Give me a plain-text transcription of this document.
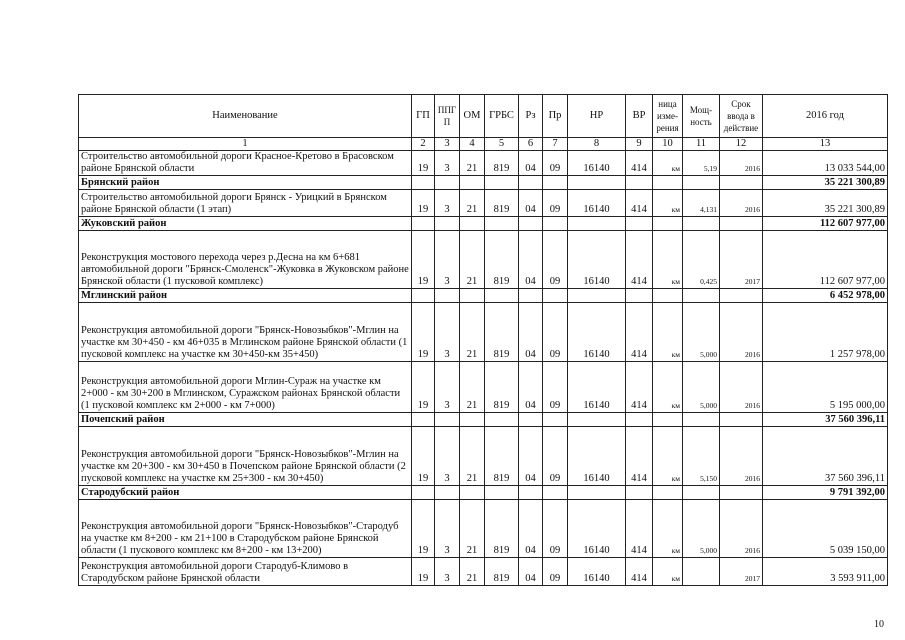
Наименование	ГП	ППГ П	ОМ	ГРБС	Рз	Пр	НР	ВР	ница изме- рения	Мощ- ность	Срок ввода в действие	2016 год
1	2	3	4	5	6	7	8	9	10	11	12	13
Строительство автомобильной дороги Красное-Кретово в Брасовском районе Брянской области	19	3	21	819	04	09	16140	414	км	5,19	2016	13 033 544,00
Брянский район												35 221 300,89
Строительство автомобильной дороги Брянск - Урицкий в Брянском районе Брянской области (1 этап)	19	3	21	819	04	09	16140	414	км	4,131	2016	35 221 300,89
Жуковский район												112 607 977,00
Реконструкция мостового перехода через р.Десна на км 6+681 автомобильной дороги "Брянск-Смоленск"-Жуковка в Жуковском районе Брянской области (1 пусковой комплекс)	19	3	21	819	04	09	16140	414	км	0,425	2017	112 607 977,00
Мглинский район												6 452 978,00
Реконструкция автомобильной дороги "Брянск-Новозыбков"-Мглин на участке км 30+450 - км 46+035 в Мглинском районе Брянской области (1 пусковой комплекс на участке км 30+450-км 35+450)	19	3	21	819	04	09	16140	414	км	5,000	2016	1 257 978,00
Реконструкция автомобильной дороги Мглин-Сураж на участке км 2+000 - км 30+200 в Мглинском, Суражском районах Брянской области (1 пусковой комплекс км 2+000 - км 7+000)	19	3	21	819	04	09	16140	414	км	5,000	2016	5 195 000,00
Почепский район												37 560 396,11
Реконструкция автомобильной дороги "Брянск-Новозыбков"-Мглин на участке км 20+300 - км 30+450 в Почепском районе Брянской области (2 пусковой комплекс на участке км 25+300 - км 30+450)	19	3	21	819	04	09	16140	414	км	5,150	2016	37 560 396,11
Стародубский район												9 791 392,00
Реконструкция автомобильной дороги "Брянск-Новозыбков"-Стародуб на участке км 8+200 - км 21+100 в Стародубском районе Брянской области (1 пускового комплекс км 8+200 - км 13+200)	19	3	21	819	04	09	16140	414	км	5,000	2016	5 039 150,00
Реконструкция автомобильной дороги Стародуб-Климово в Стародубском районе Брянской области	19	3	21	819	04	09	16140	414	км		2017	3 593 911,00
10
